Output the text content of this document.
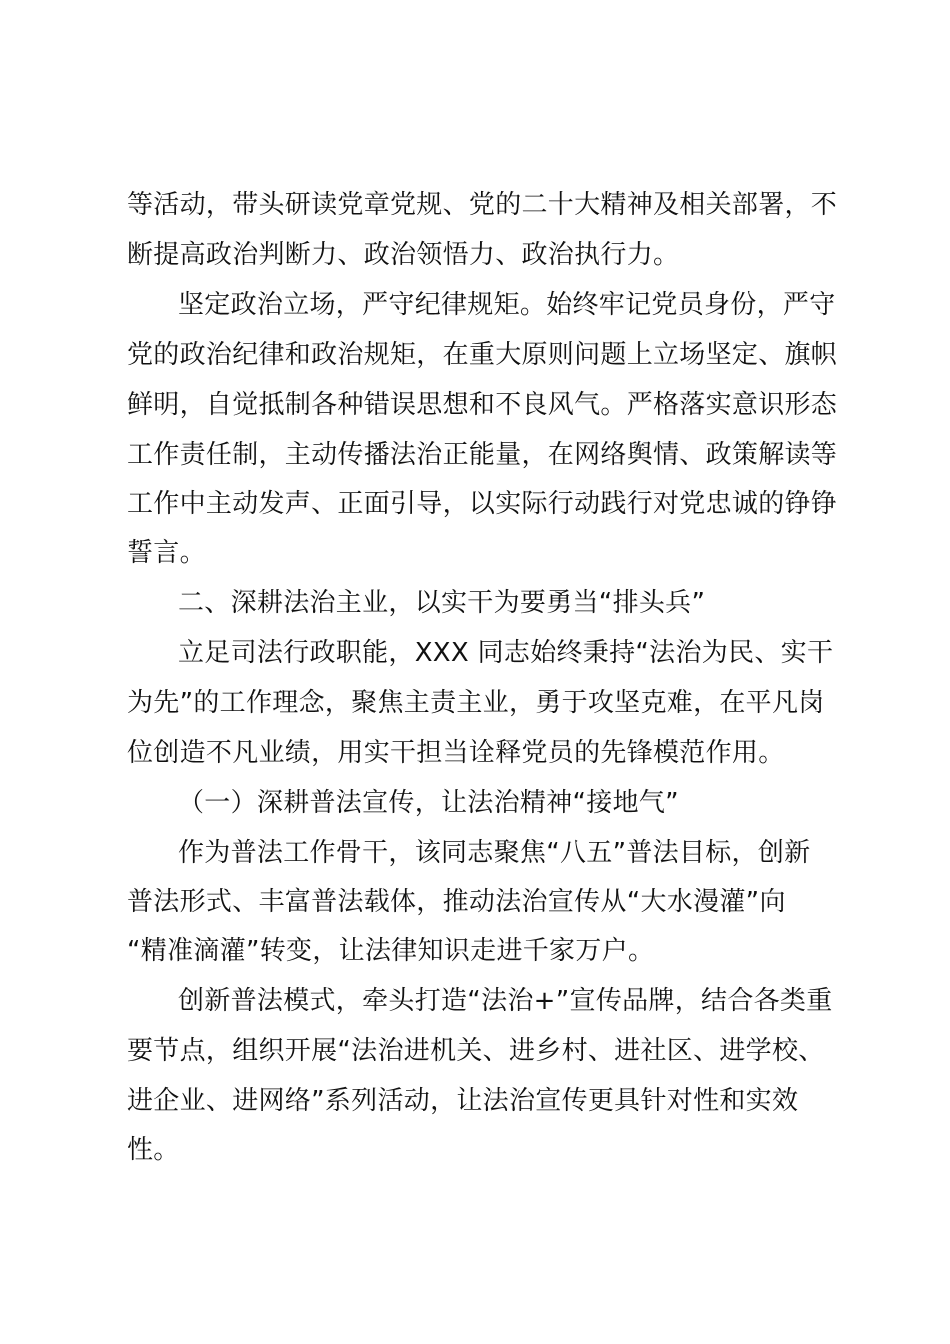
等活动，带头研读党章党规、党的二十大精神及相关部署，不
断提高政治判断力、政治领悟力、政治执行力。
坚定政治立场，严守纪律规矩。始终牢记党员身份，严守
党的政治纪律和政治规矩，在重大原则问题上立场坚定、旗帜
鲜明，自觉抵制各种错误思想和不良风气。严格落实意识形态
工作责任制，主动传播法治正能量，在网络舆情、政策解读等
工作中主动发声、正面引导，以实际行动践行对党忠诚的铮铮
誓言。
二、深耕法治主业，以实干为要勇当“排头兵”
立足司法行政职能，XXX 同志始终秉持“法治为民、实干
为先”的工作理念，聚焦主责主业，勇于攻坚克难，在平凡岗
位创造不凡业绩，用实干担当诠释党员的先锋模范作用。
（一）深耕普法宣传，让法治精神“接地气”
作为普法工作骨干，该同志聚焦“八五”普法目标，创新
普法形式、丰富普法载体，推动法治宣传从“大水漫灌”向
“精准滴灌”转变，让法律知识走进千家万户。
创新普法模式，牵头打造“法治+”宣传品牌，结合各类重
要节点，组织开展“法治进机关、进乡村、进社区、进学校、
进企业、进网络”系列活动，让法治宣传更具针对性和实效
性。
